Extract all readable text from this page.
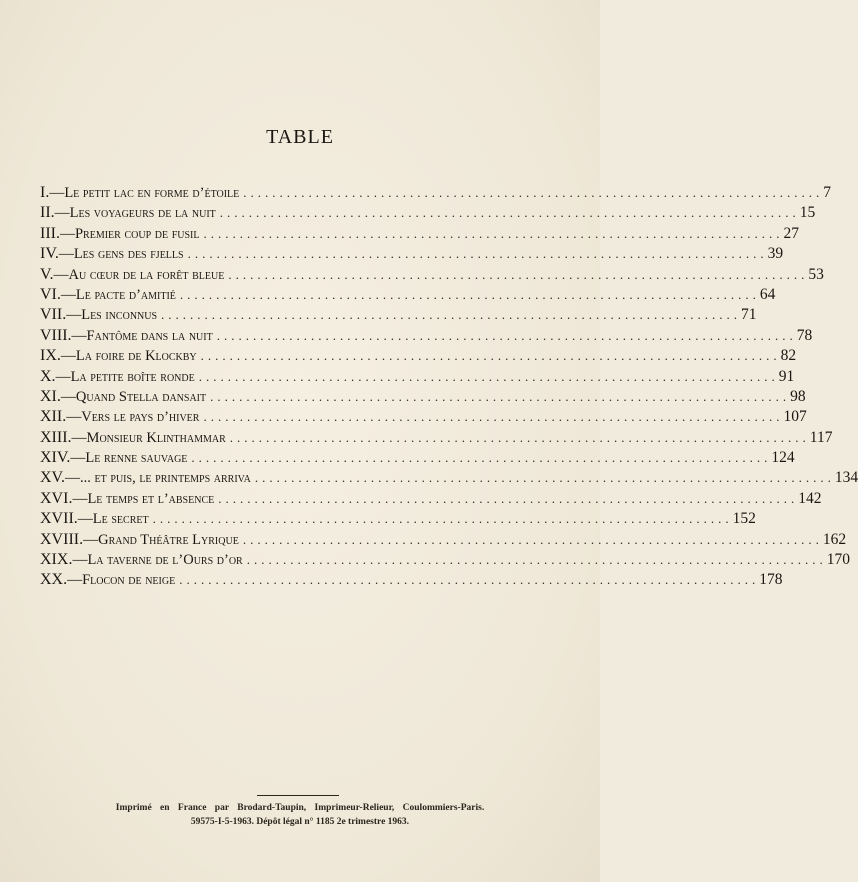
TABLE
I. — Le petit lac en forme d’étoile ................................................................................ 7
II. — Les voyageurs de la nuit ................................................................................ 15
III. — Premier coup de fusil ................................................................................ 27
IV. — Les gens des fjells ................................................................................ 39
V. — Au cœur de la forêt bleue ................................................................................ 53
VI. — Le pacte d’amitié ................................................................................ 64
VII. — Les inconnus ................................................................................ 71
VIII. — Fantôme dans la nuit ................................................................................ 78
IX. — La foire de Klockby ................................................................................ 82
X. — La petite boîte ronde ................................................................................ 91
XI. — Quand Stella dansait ................................................................................ 98
XII. — Vers le pays d’hiver ................................................................................ 107
XIII. — Monsieur Klinthammar ................................................................................ 117
XIV. — Le renne sauvage ................................................................................ 124
XV. — ... et puis, le printemps arriva ................................................................................ 134
XVI. — Le temps et l’absence ................................................................................ 142
XVII. — Le secret ................................................................................ 152
XVIII. — Grand Théâtre Lyrique ................................................................................ 162
XIX. — La taverne de l’Ours d’or ................................................................................ 170
XX. — Flocon de neige ................................................................................ 178
Imprimé en France par Brodard-Taupin, Imprimeur-Relieur, Coulommiers-Paris.
59575-I-5-1963. Dépôt légal n° 1185 2e trimestre 1963.
